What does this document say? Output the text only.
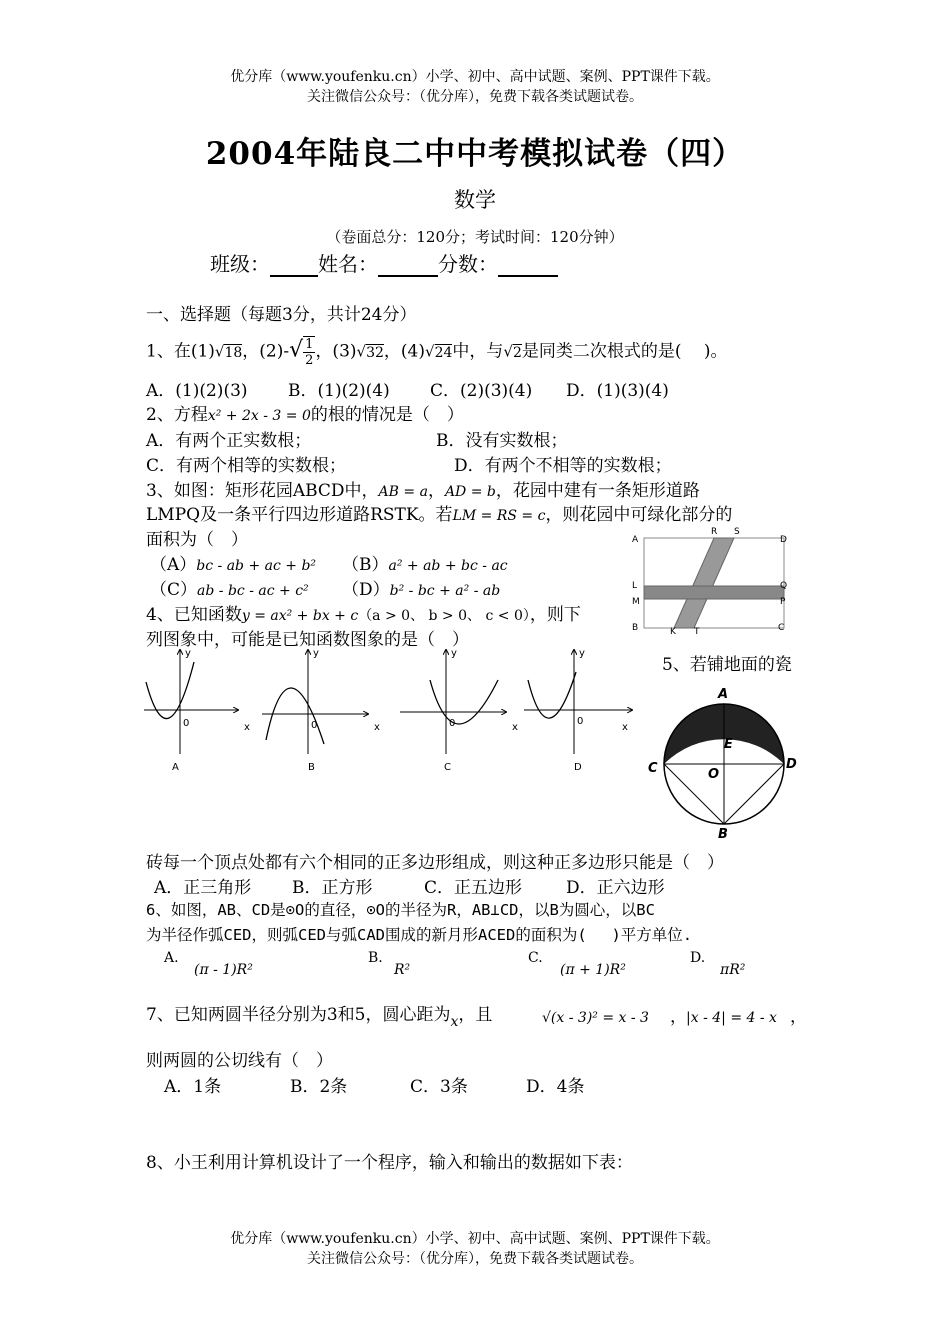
优分库（www.youfenku.cn）小学、初中、高中试题、案例、PPT课件下载。
关注微信公众号：（优分库），免费下载各类试题试卷。
2004年陆良二中中考模拟试卷（四）
数学
（卷面总分：120分；考试时间：120分钟）
班级： 姓名：	分数：
一、选择题（每题3分，共计24分）
1、在(1)√18，$(2)-√ \frac{1}{2}$ ，(3)√32，(4)√24中，与√2是同类二次根式的是(　 )。
A．(1)(2)(3) B．(1)(2)(4) C．(2)(3)(4) D．(1)(3)(4)
2、方程x² + 2x - 3 = 0的根的情况是（　）
A．有两个正实数根；	B．没有实数根；
C．有两个相等的实数根；	D．有两个不相等的实数根；
3、如图：矩形花园ABCD中，AB = a，AD = b，花园中建有一条矩形道路
LMPQ及一条平行四边形道路RSTK。若LM = RS = c，则花园中可绿化部分的
面积为（　）
（A）bc - ab + ac + b² （B）a² + ab + bc - ac
（C）ab - bc - ac + c² （D）b² - bc + a² - ab
A
R S
D
L	Q
M	P
B	K T	C
4、已知函数y = ax² + bx + c（a > 0、 b > 0、 c < 0），则下
列图象中，可能是已知函数图象的是（　）
x
y
0
A
x
y
0
B
x
y
0
C
x
y
0
D
5、若铺地面的瓷
A
E
C	O
D
B
砖每一个顶点处都有六个相同的正多边形组成，则这种正多边形只能是（　）
A．正三角形 B．正方形	C．正五边形	D．正六边形
6、如图，AB、CD是⊙O的直径，⊙O的半径为R，AB⊥CD，以B为圆心，以BC
为半径作弧CED，则弧CED与弧CAD围成的新月形ACED的面积为(　 )平方单位.
A.
(π - 1)R²
B.
R²
C.
(π + 1)R²
D.
πR²
7、已知两圆半径分别为3和5，圆心距为$_x$，且	√(x - 3)² = x - 3 ， |x - 4| = 4 - x ，
则两圆的公切线有（　）
A．1条	B．2条	C．3条	D．4条
8、小王利用计算机设计了一个程序，输入和输出的数据如下表：
优分库（www.youfenku.cn）小学、初中、高中试题、案例、PPT课件下载。
关注微信公众号：（优分库），免费下载各类试题试卷。
